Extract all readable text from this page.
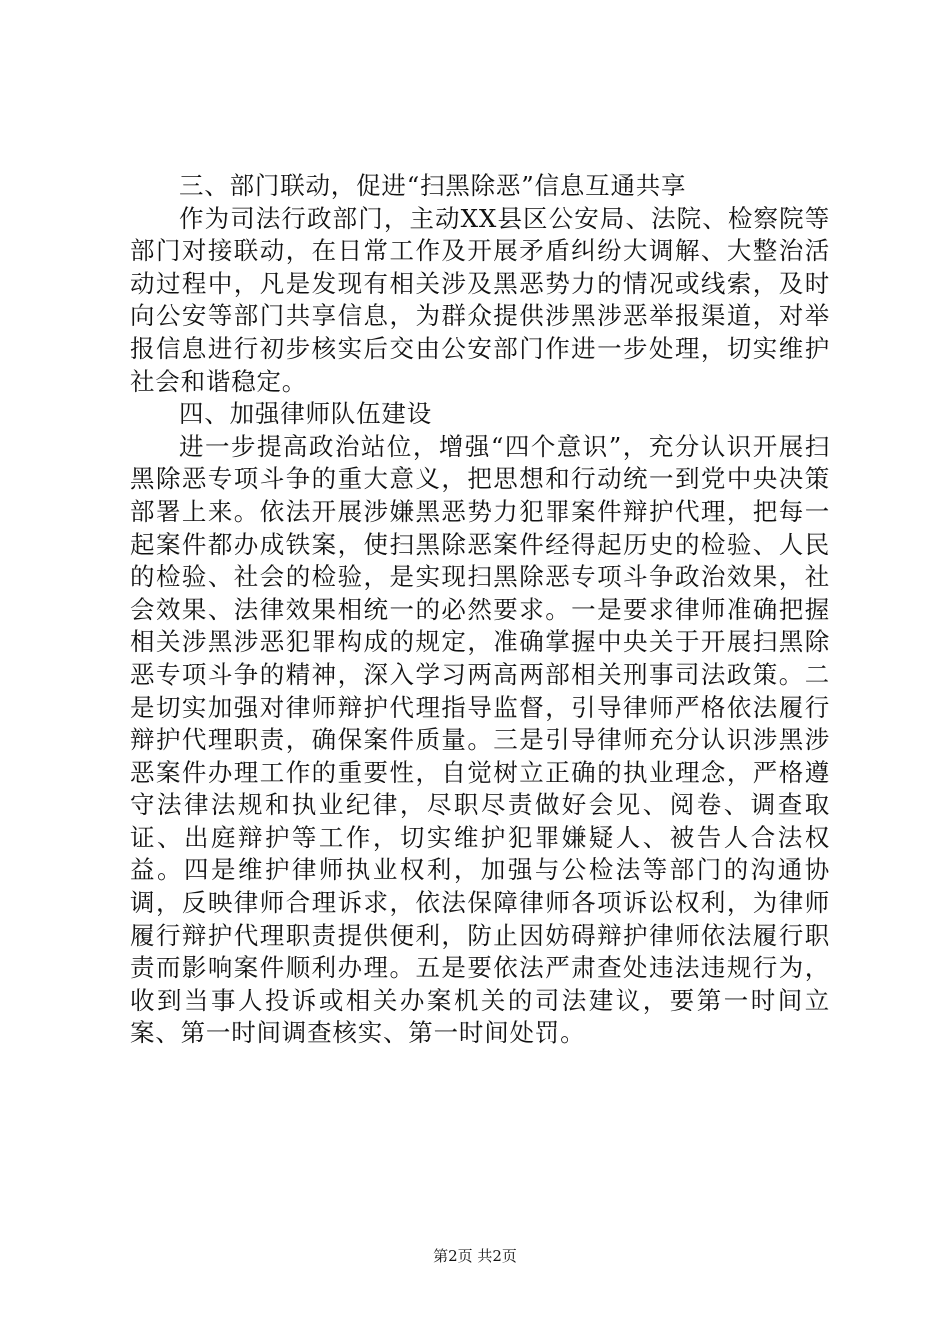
三、部门联动，促进“扫黑除恶”信息互通共享

作为司法行政部门，主动XX县区公安局、法院、检察院等部门对接联动，在日常工作及开展矛盾纠纷大调解、大整治活动过程中，凡是发现有相关涉及黑恶势力的情况或线索，及时向公安等部门共享信息，为群众提供涉黑涉恶举报渠道，对举报信息进行初步核实后交由公安部门作进一步处理，切实维护社会和谐稳定。

四、加强律师队伍建设

进一步提高政治站位，增强“四个意识”，充分认识开展扫黑除恶专项斗争的重大意义，把思想和行动统一到党中央决策部署上来。依法开展涉嫌黑恶势力犯罪案件辩护代理，把每一起案件都办成铁案，使扫黑除恶案件经得起历史的检验、人民的检验、社会的检验，是实现扫黑除恶专项斗争政治效果，社会效果、法律效果相统一的必然要求。一是要求律师准确把握相关涉黑涉恶犯罪构成的规定，准确掌握中央关于开展扫黑除恶专项斗争的精神，深入学习两高两部相关刑事司法政策。二是切实加强对律师辩护代理指导监督，引导律师严格依法履行辩护代理职责，确保案件质量。三是引导律师充分认识涉黑涉恶案件办理工作的重要性，自觉树立正确的执业理念，严格遵守法律法规和执业纪律，尽职尽责做好会见、阅卷、调查取证、出庭辩护等工作，切实维护犯罪嫌疑人、被告人合法权益。四是维护律师执业权利，加强与公检法等部门的沟通协调，反映律师合理诉求，依法保障律师各项诉讼权利，为律师履行辩护代理职责提供便利，防止因妨碍辩护律师依法履行职责而影响案件顺利办理。五是要依法严肃查处违法违规行为，收到当事人投诉或相关办案机关的司法建议，要第一时间立案、第一时间调查核实、第一时间处罚。

第2页 共2页
